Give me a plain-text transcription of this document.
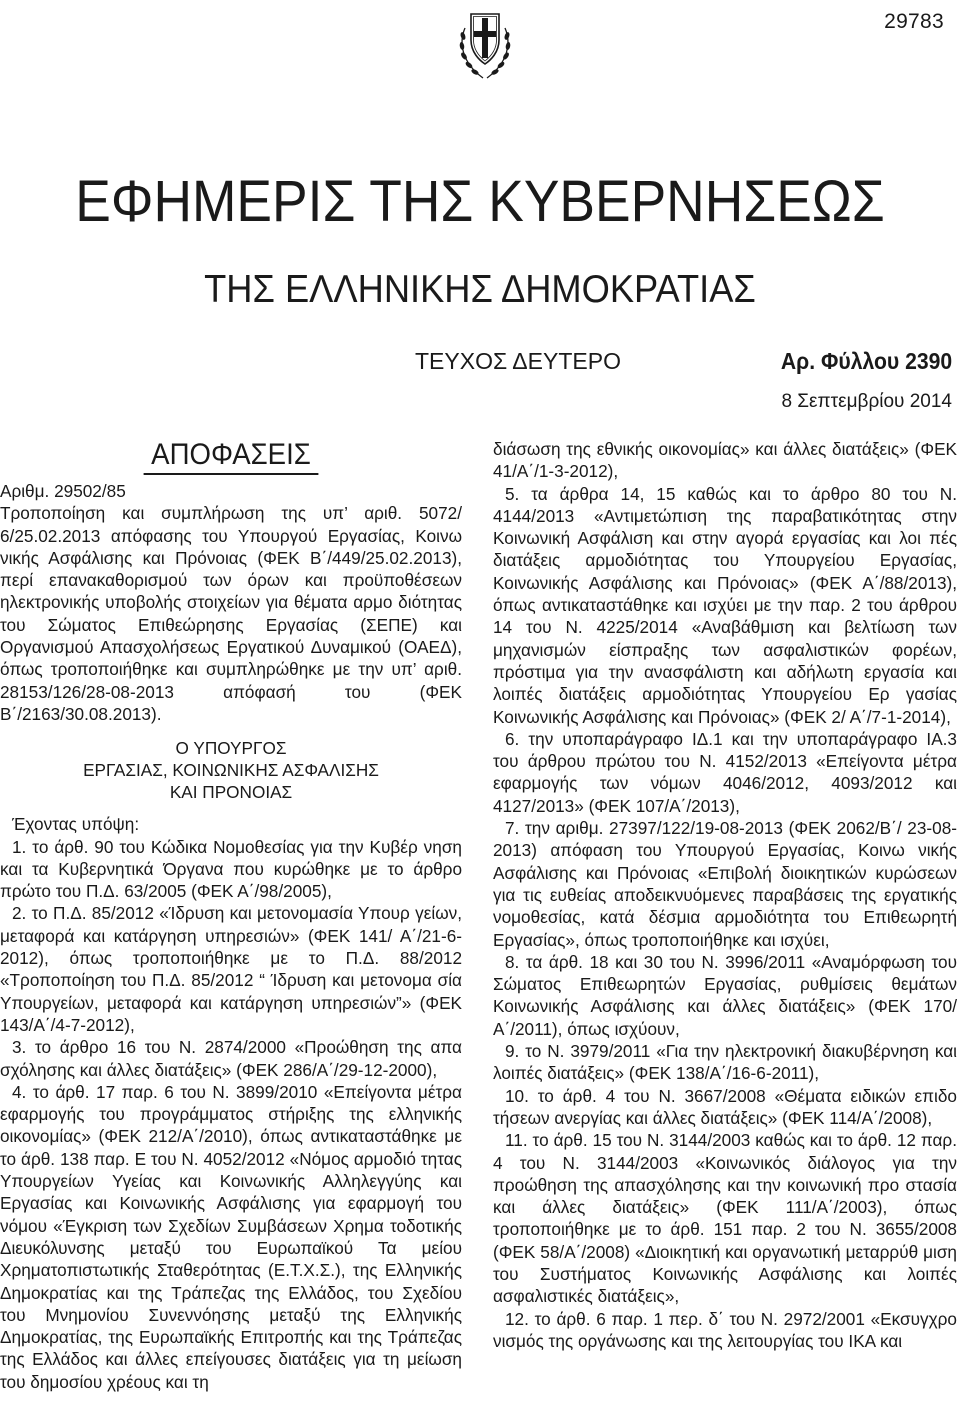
29783
ΕΦΗΜΕΡΙΣ ΤΗΣ ΚΥΒΕΡΝΗΣΕΩΣ
ΤΗΣ ΕΛΛΗΝΙΚΗΣ ΔΗΜΟΚΡΑΤΙΑΣ
ΤΕΥΧΟΣ ΔΕΥΤΕΡΟ	Αρ. Φύλλου 2390
8 Σεπτεμβρίου 2014
ΑΠΟΦΑΣΕΙΣ

Αριθμ. 29502/85

Τροποποίηση και συμπλήρωση της υπ’ αριθ. 5072/ 6/25.02.2013 απόφασης του Υπουργού Εργασίας, Κοινω νικής Ασφάλισης και Πρόνοιας (ΦΕΚ Β΄/449/25.02.2013), περί επανακαθορισμού των όρων και προϋποθέσεων ηλεκτρονικής υποβολής στοιχείων για θέματα αρμο διότητας του Σώματος Επιθεώρησης Εργασίας (ΣΕΠΕ) και Οργανισμού Απασχολήσεως Εργατικού Δυναμικού (ΟΑΕΔ), όπως τροποποιήθηκε και συμπληρώθηκε με την υπ’ αριθ. 28153/126/28-08-2013 απόφασή του (ΦΕΚ Β΄/2163/30.08.2013).

Ο ΥΠΟΥΡΓΟΣ
ΕΡΓΑΣΙΑΣ, ΚΟΙΝΩΝΙΚΗΣ ΑΣΦΑΛΙΣΗΣ
ΚΑΙ ΠΡΟΝΟΙΑΣ

Έχοντας υπόψη:

1. το άρθ. 90 του Κώδικα Νομοθεσίας για την Κυβέρ νηση και τα Κυβερνητικά Όργανα που κυρώθηκε με το άρθρο πρώτο του Π.Δ. 63/2005 (ΦΕΚ Α΄/98/2005),

2. το Π.Δ. 85/2012 «Ίδρυση και μετονομασία Υπουρ γείων, μεταφορά και κατάργηση υπηρεσιών» (ΦΕΚ 141/ Α΄/21-6-2012), όπως τροποποιήθηκε με το Π.Δ. 88/2012 «Τροποποίηση του Π.Δ. 85/2012 “ Ίδρυση και μετονομα σία Υπουργείων, μεταφορά και κατάργηση υπηρεσιών”» (ΦΕΚ 143/Α΄/4-7-2012),

3. το άρθρο 16 του Ν. 2874/2000 «Προώθηση της απα σχόλησης και άλλες διατάξεις» (ΦΕΚ 286/Α΄/29-12-2000),

4. το άρθ. 17 παρ. 6 του Ν. 3899/2010 «Επείγοντα μέτρα εφαρμογής του προγράμματος στήριξης της ελληνικής οικονομίας» (ΦΕΚ 212/Α΄/2010), όπως αντικαταστάθηκε με το άρθ. 138 παρ. Ε του Ν. 4052/2012 «Νόμος αρμοδιό τητας Υπουργείων Υγείας και Κοινωνικής Αλληλεγγύης και Εργασίας και Κοινωνικής Ασφάλισης για εφαρμογή του νόμου «Έγκριση των Σχεδίων Συμβάσεων Χρημα τοδοτικής Διευκόλυνσης μεταξύ του Ευρωπαϊκού Τα μείου Χρηματοπιστωτικής Σταθερότητας (Ε.Τ.Χ.Σ.), της Ελληνικής Δημοκρατίας και της Τράπεζας της Ελλάδος, του Σχεδίου του Μνημονίου Συνεννόησης μεταξύ της Ελληνικής Δημοκρατίας, της Ευρωπαϊκής Επιτροπής και της Τράπεζας της Ελλάδος και άλλες επείγουσες διατάξεις για τη μείωση του δημοσίου χρέους και τη

διάσωση της εθνικής οικονομίας» και άλλες διατάξεις» (ΦΕΚ 41/Α΄/1-3-2012),

5. τα άρθρα 14, 15 καθώς και το άρθρο 80 του Ν. 4144/2013 «Αντιμετώπιση της παραβατικότητας στην Κοινωνική Ασφάλιση και στην αγορά εργασίας και λοι πές διατάξεις αρμοδιότητας του Υπουργείου Εργασίας, Κοινωνικής Ασφάλισης και Πρόνοιας» (ΦΕΚ Α΄/88/2013), όπως αντικαταστάθηκε και ισχύει με την παρ. 2 του άρθρου 14 του Ν. 4225/2014 «Αναβάθμιση και βελτίωση των μηχανισμών είσπραξης των ασφαλιστικών φορέων, πρόστιμα για την ανασφάλιστη και αδήλωτη εργασία και λοιπές διατάξεις αρμοδιότητας Υπουργείου Ερ γασίας Κοινωνικής Ασφάλισης και Πρόνοιας» (ΦΕΚ 2/ Α΄/7-1-2014),

6. την υποπαράγραφο ΙΔ.1 και την υποπαράγραφο ΙΑ.3 του άρθρου πρώτου του Ν. 4152/2013 «Επείγοντα μέτρα εφαρμογής των νόμων 4046/2012, 4093/2012 και 4127/2013» (ΦΕΚ 107/Α΄/2013),

7. την αριθμ. 27397/122/19-08-2013 (ΦΕΚ 2062/Β΄/ 23-08-2013) απόφαση του Υπουργού Εργασίας, Κοινω νικής Ασφάλισης και Πρόνοιας «Επιβολή διοικητικών κυρώσεων για τις ευθείας αποδεικνυόμενες παραβάσεις της εργατικής νομοθεσίας, κατά δέσμια αρμοδιότητα του Επιθεωρητή Εργασίας», όπως τροποποιήθηκε και ισχύει,

8. τα άρθ. 18 και 30 του Ν. 3996/2011 «Αναμόρφωση του Σώματος Επιθεωρητών Εργασίας, ρυθμίσεις θεμάτων Κοινωνικής Ασφάλισης και άλλες διατάξεις» (ΦΕΚ 170/ Α΄/2011), όπως ισχύουν,

9. το Ν. 3979/2011 «Για την ηλεκτρονική διακυβέρνηση και λοιπές διατάξεις» (ΦΕΚ 138/Α΄/16-6-2011),

10. το άρθ. 4 του Ν. 3667/2008 «Θέματα ειδικών επιδο τήσεων ανεργίας και άλλες διατάξεις» (ΦΕΚ 114/Α΄/2008),

11. το άρθ. 15 του Ν. 3144/2003 καθώς και το άρθ. 12 παρ. 4 του Ν. 3144/2003 «Κοινωνικός διάλογος για την προώθηση της απασχόλησης και την κοινωνική προ στασία και άλλες διατάξεις» (ΦΕΚ 111/Α΄/2003), όπως τροποποιήθηκε με το άρθ. 151 παρ. 2 του Ν. 3655/2008 (ΦΕΚ 58/Α΄/2008) «Διοικητική και οργανωτική μεταρρύθ μιση του Συστήματος Κοινωνικής Ασφάλισης και λοιπές ασφαλιστικές διατάξεις»,

12. το άρθ. 6 παρ. 1 περ. δ΄ του Ν. 2972/2001 «Εκσυγχρο νισμός της οργάνωσης και της λειτουργίας του ΙΚΑ και
